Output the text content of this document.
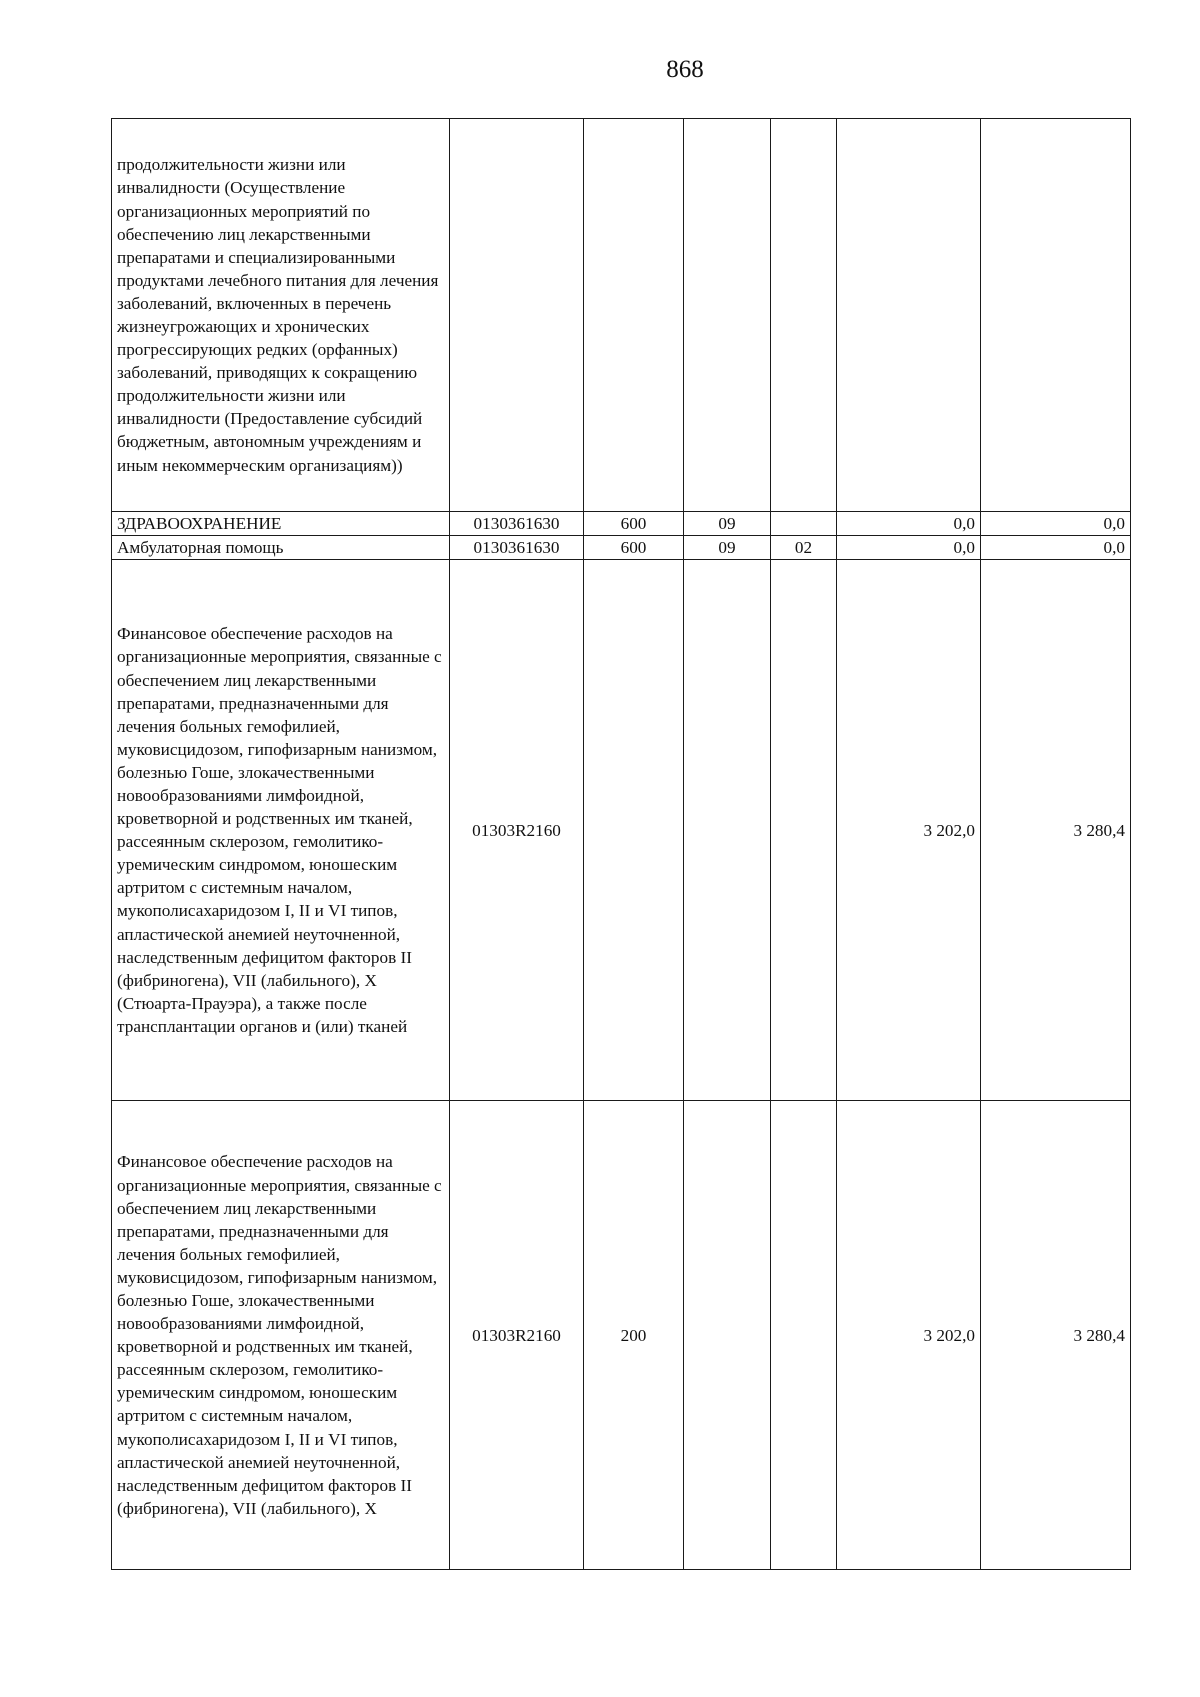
868
продолжительности жизни или инвалидности (Осуществление организационных мероприятий по обеспечению лиц лекарственными препаратами и специализированными продуктами лечебного питания для лечения заболеваний, включенных в перечень жизнеугрожающих и хронических прогрессирующих редких (орфанных) заболеваний, приводящих к сокращению продолжительности жизни или инвалидности (Предоставление субсидий бюджетным, автономным учреждениям и иным некоммерческим организациям))						
ЗДРАВООХРАНЕНИЕ	0130361630	600	09		0,0	0,0
Амбулаторная помощь	0130361630	600	09	02	0,0	0,0
Финансовое обеспечение расходов на организационные мероприятия, связанные с обеспечением лиц лекарственными препаратами, предназначенными для лечения больных гемофилией, муковисцидозом, гипофизарным нанизмом, болезнью Гоше, злокачественными новообразованиями лимфоидной, кроветворной и родственных им тканей, рассеянным склерозом, гемолитико-уремическим синдромом, юношеским артритом с системным началом, мукополисахаридозом I, II и VI типов, апластической анемией неуточненной, наследственным дефицитом факторов II (фибриногена), VII (лабильного), X (Стюарта-Прауэра), а также после трансплантации органов и (или) тканей	01303R2160				3 202,0	3 280,4
Финансовое обеспечение расходов на организационные мероприятия, связанные с обеспечением лиц лекарственными препаратами, предназначенными для лечения больных гемофилией, муковисцидозом, гипофизарным нанизмом, болезнью Гоше, злокачественными новообразованиями лимфоидной, кроветворной и родственных им тканей, рассеянным склерозом, гемолитико-уремическим синдромом, юношеским артритом с системным началом, мукополисахаридозом I, II и VI типов, апластической анемией неуточненной, наследственным дефицитом факторов II (фибриногена), VII (лабильного), X	01303R2160	200			3 202,0	3 280,4
